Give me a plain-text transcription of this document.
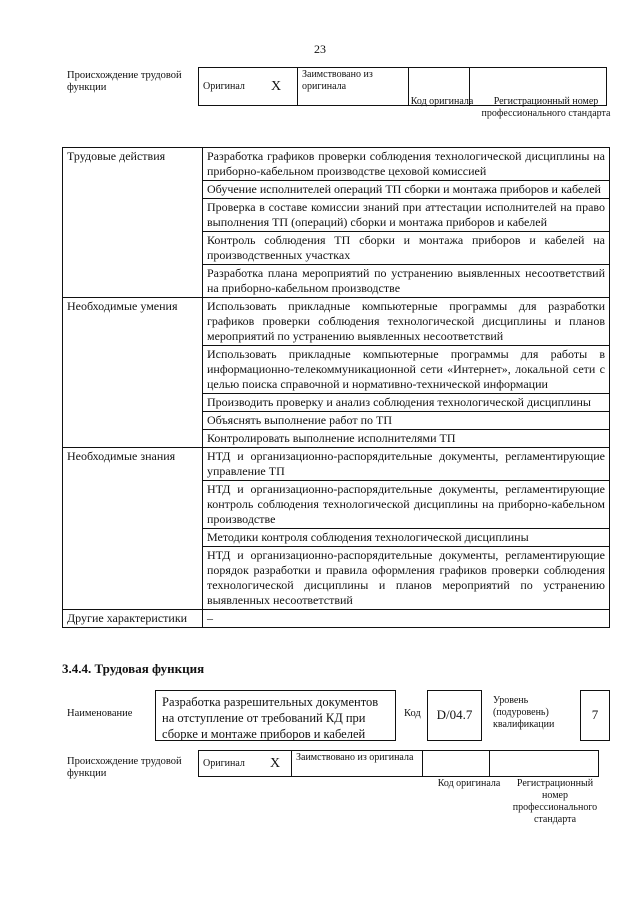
23
Происхождение трудовой функции	Оригинал	X	Заимствовано из оригинала		
Код оригинала	Регистрационный номер профессионального стандарта
Трудовые действия	Разработка графиков проверки соблюдения технологической дисциплины на приборно-кабельном производстве цеховой комиссией
	Обучение исполнителей операций ТП сборки и монтажа приборов и кабелей
	Проверка в составе комиссии знаний при аттестации исполнителей на право выполнения ТП (операций) сборки и монтажа приборов и кабелей
	Контроль соблюдения ТП сборки и монтажа приборов и кабелей на производственных участках
	Разработка плана мероприятий по устранению выявленных несоответствий на приборно-кабельном производстве
Необходимые умения	Использовать прикладные компьютерные программы для разработки графиков проверки соблюдения технологической дисциплины и планов мероприятий по устранению выявленных несоответствий
	Использовать прикладные компьютерные программы для работы в информационно-телекоммуникационной сети «Интернет», локальной сети с целью поиска справочной и нормативно-технической информации
	Производить проверку и анализ соблюдения технологической дисциплины
	Объяснять выполнение работ по ТП
	Контролировать выполнение исполнителями ТП
Необходимые знания	НТД и организационно-распорядительные документы, регламентирующие управление ТП
	НТД и организационно-распорядительные документы, регламентирующие контроль соблюдения технологической дисциплины на приборно-кабельном производстве
	Методики контроля соблюдения технологической дисциплины
	НТД и организационно-распорядительные документы, регламентирующие порядок разработки и правила оформления графиков проверки соблюдения технологической дисциплины и планов мероприятий по устранению выявленных несоответствий
Другие характеристики	–
3.4.4. Трудовая функция
Наименование
Разработка разрешительных документов на отступление от требований КД при сборке и монтаже приборов и кабелей
Код	D/04.7
Уровень (подуровень) квалификации
7
Происхождение трудовой функции
Оригинал	X	Заимствовано из оригинала		
Код оригинала	Регистрационный номер профессионального стандарта
